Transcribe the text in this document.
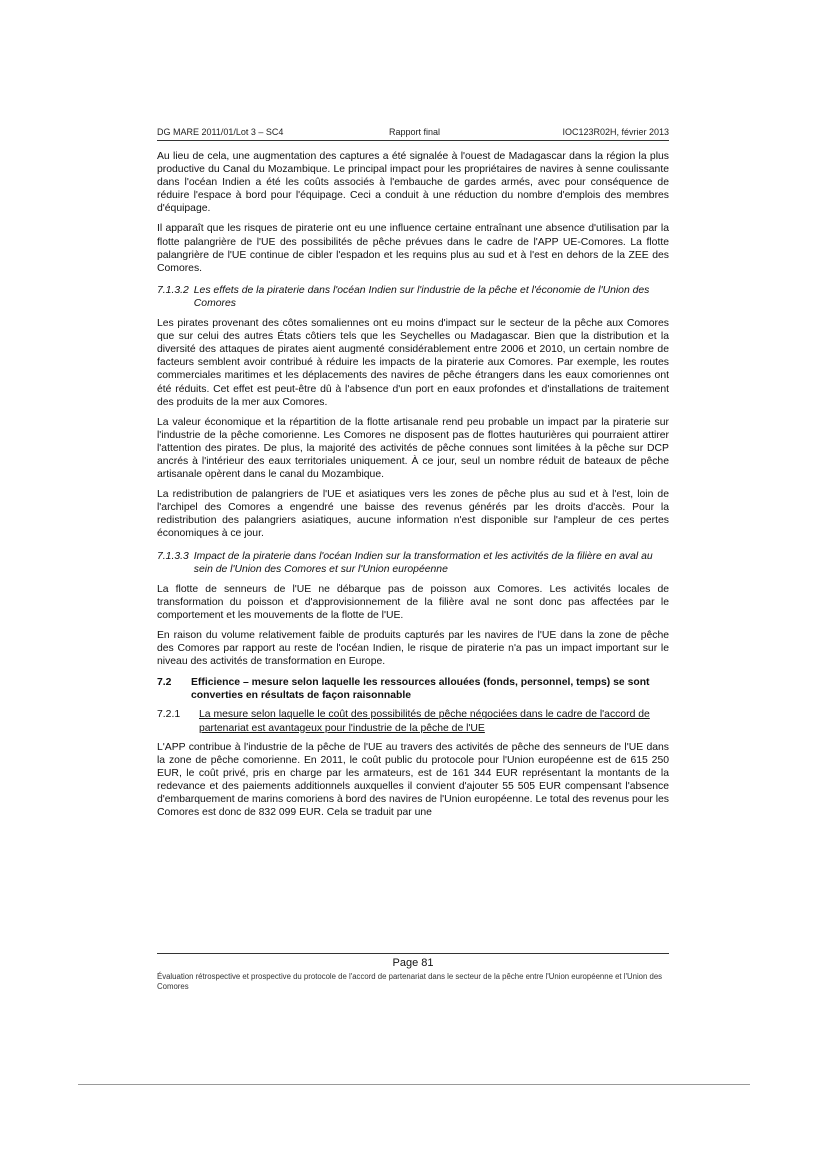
DG MARE 2011/01/Lot 3 – SC4	Rapport final	IOC123R02H, février 2013

Au lieu de cela, une augmentation des captures a été signalée à l'ouest de Madagascar dans la région la plus productive du Canal du Mozambique. Le principal impact pour les propriétaires de navires à senne coulissante dans l'océan Indien a été les coûts associés à l'embauche de gardes armés, avec pour conséquence de réduire l'espace à bord pour l'équipage. Ceci a conduit à une réduction du nombre d'emplois des membres d'équipage.

Il apparaît que les risques de piraterie ont eu une influence certaine entraînant une absence d'utilisation par la flotte palangrière de l'UE des possibilités de pêche prévues dans le cadre de l'APP UE-Comores. La flotte palangrière de l'UE continue de cibler l'espadon et les requins plus au sud et à l'est en dehors de la ZEE des Comores.

7.1.3.2 Les effets de la piraterie dans l'océan Indien sur l'industrie de la pêche et l'économie de l'Union des Comores

Les pirates provenant des côtes somaliennes ont eu moins d'impact sur le secteur de la pêche aux Comores que sur celui des autres États côtiers tels que les Seychelles ou Madagascar. Bien que la distribution et la diversité des attaques de pirates aient augmenté considérablement entre 2006 et 2010, un certain nombre de facteurs semblent avoir contribué à réduire les impacts de la piraterie aux Comores. Par exemple, les routes commerciales maritimes et les déplacements des navires de pêche étrangers dans les eaux comoriennes ont été réduits. Cet effet est peut-être dû à l'absence d'un port en eaux profondes et d'installations de traitement des produits de la mer aux Comores.

La valeur économique et la répartition de la flotte artisanale rend peu probable un impact par la piraterie sur l'industrie de la pêche comorienne. Les Comores ne disposent pas de flottes hauturières qui pourraient attirer l'attention des pirates. De plus, la majorité des activités de pêche connues sont limitées à la pêche sur DCP ancrés à l'intérieur des eaux territoriales uniquement. À ce jour, seul un nombre réduit de bateaux de pêche artisanale opèrent dans le canal du Mozambique.

La redistribution de palangriers de l'UE et asiatiques vers les zones de pêche plus au sud et à l'est, loin de l'archipel des Comores a engendré une baisse des revenus générés par les droits d'accès. Pour la redistribution des palangriers asiatiques, aucune information n'est disponible sur l'ampleur de ces pertes économiques à ce jour.

7.1.3.3 Impact de la piraterie dans l'océan Indien sur la transformation et les activités de la filière en aval au sein de l'Union des Comores et sur l'Union européenne

La flotte de senneurs de l'UE ne débarque pas de poisson aux Comores. Les activités locales de transformation du poisson et d'approvisionnement de la filière aval ne sont donc pas affectées par le comportement et les mouvements de la flotte de l'UE.

En raison du volume relativement faible de produits capturés par les navires de l'UE dans la zone de pêche des Comores par rapport au reste de l'océan Indien, le risque de piraterie n'a pas un impact important sur le niveau des activités de transformation en Europe.

7.2	Efficience – mesure selon laquelle les ressources allouées (fonds, personnel, temps) se sont converties en résultats de façon raisonnable
7.2.1	La mesure selon laquelle le coût des possibilités de pêche négociées dans le cadre de l'accord de partenariat est avantageux pour l'industrie de la pêche de l'UE

L'APP contribue à l'industrie de la pêche de l'UE au travers des activités de pêche des senneurs de l'UE dans la zone de pêche comorienne. En 2011, le coût public du protocole pour l'Union européenne est de 615 250 EUR, le coût privé, pris en charge par les armateurs, est de 161 344 EUR représentant la montants de la redevance et des paiements additionnels auxquelles il convient d'ajouter 55 505 EUR compensant l'absence d'embarquement de marins comoriens à bord des navires de l'Union européenne. Le total des revenus pour les Comores est donc de 832 099 EUR. Cela se traduit par une

Page 81
Évaluation rétrospective et prospective du protocole de l'accord de partenariat dans le secteur de la pêche entre l'Union européenne et l'Union des Comores
